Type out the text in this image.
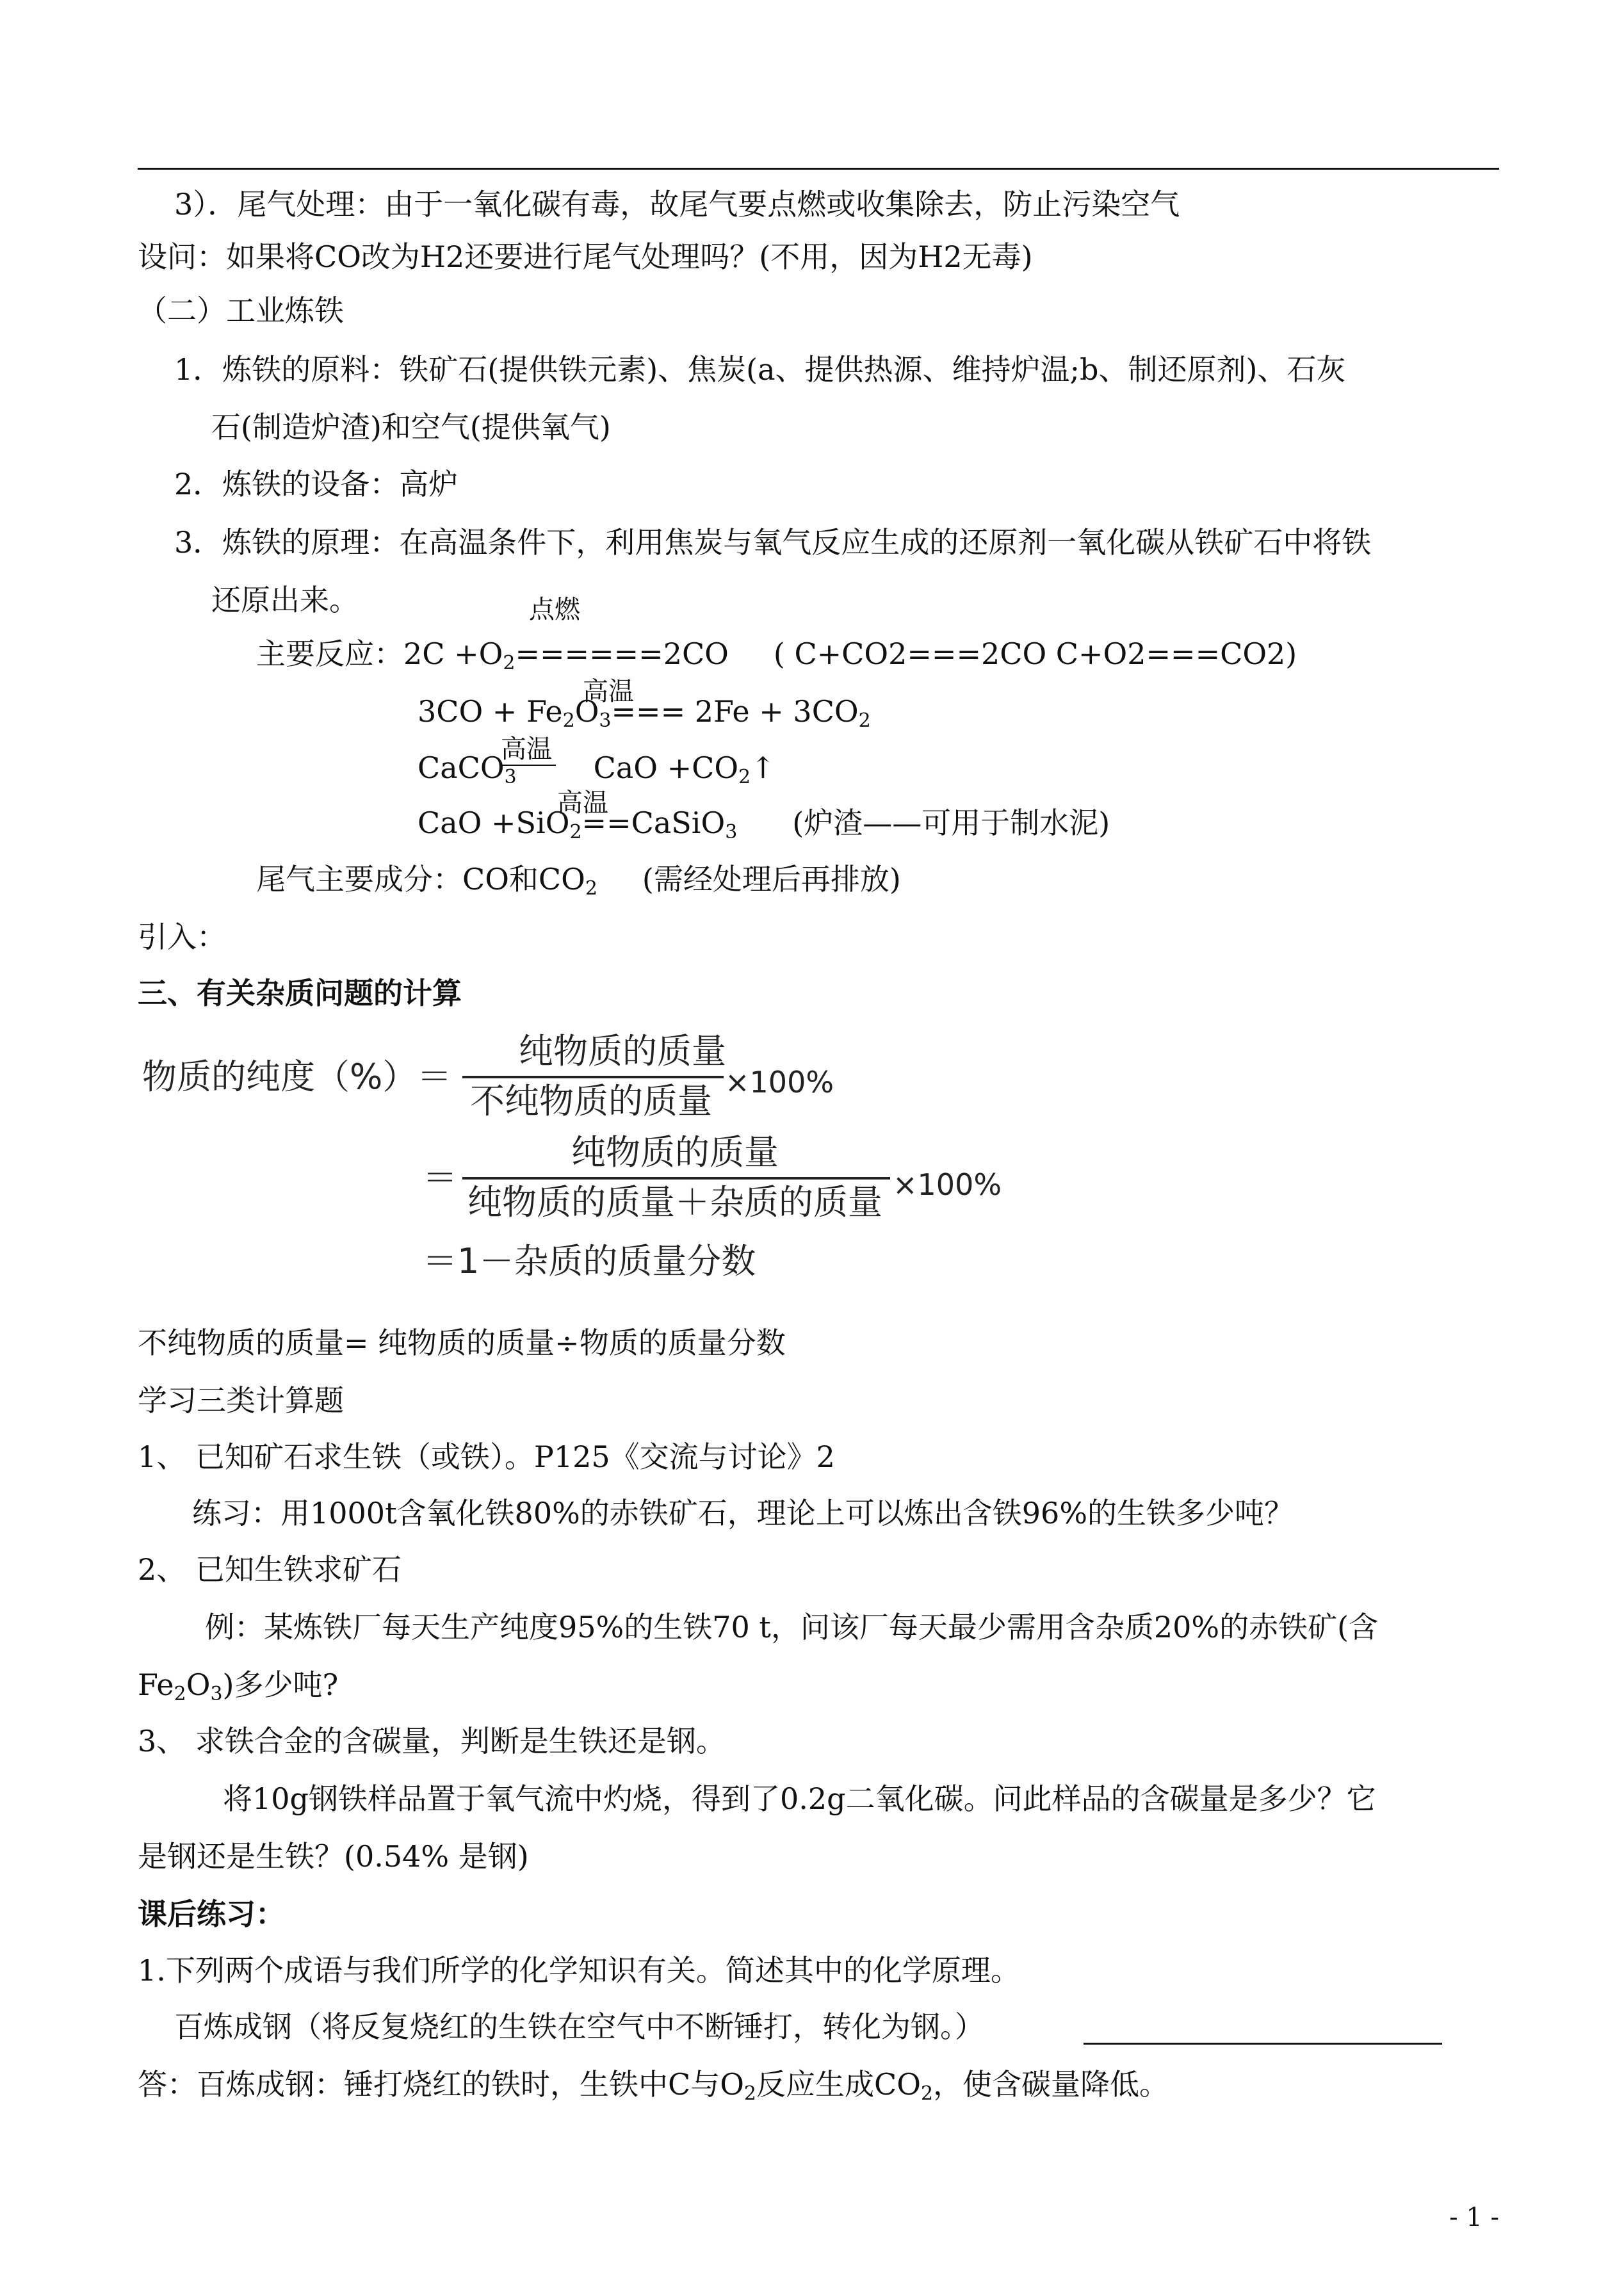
3）．尾气处理：由于一氧化碳有毒，故尾气要点燃或收集除去，防止污染空气
设问：如果将CO改为H2还要进行尾气处理吗？(不用，因为H2无毒)
（二）工业炼铁
1．炼铁的原料：铁矿石(提供铁元素)、焦炭(a、提供热源、维持炉温;b、制还原剂)、石灰
石(制造炉渣)和空气(提供氧气)
2．炼铁的设备：高炉
3．炼铁的原理：在高温条件下，利用焦炭与氧气反应生成的还原剂一氧化碳从铁矿石中将铁
还原出来。	点燃
主要反应：$2C +O_2======2CO$ ( C+CO2===2CO C+O2===CO2)
高温
$3CO + Fe_2O_3=== 2Fe + 3CO_2$
高温
CaCO$_3$	CaO $+CO_2↑$
高温
CaO +SiO$_2$==CaSiO$_3$ (炉渣——可用于制水泥)
尾气主要成分：CO和$CO_2$ (需经处理后再排放)
引入：
三、有关杂质问题的计算
物质的纯度（%）＝
纯物质的质量
不纯物质的质量 ×100%
＝
纯物质的质量
纯物质的质量＋杂质的质量 ×100%
＝1－杂质的质量分数
不纯物质的质量= 纯物质的质量÷物质的质量分数
学习三类计算题
1、 已知矿石求生铁（或铁）。P125《交流与讨论》2
练习：用1000t含氧化铁80%的赤铁矿石，理论上可以炼出含铁96%的生铁多少吨？
2、 已知生铁求矿石
例：某炼铁厂每天生产纯度95%的生铁70 t，问该厂每天最少需用含杂质20%的赤铁矿(含
$Fe_2O_3$)多少吨?
3、 求铁合金的含碳量，判断是生铁还是钢。
将10g钢铁样品置于氧气流中灼烧，得到了0.2g二氧化碳。问此样品的含碳量是多少？它
是钢还是生铁？(0.54% 是钢)
课后练习：
1.下列两个成语与我们所学的化学知识有关。简述其中的化学原理。
百炼成钢（将反复烧红的生铁在空气中不断锤打，转化为钢。）
答：百炼成钢：锤打烧红的铁时，生铁中C与$O_2$反应生成$CO_2$，使含碳量降低。
- 1 -
